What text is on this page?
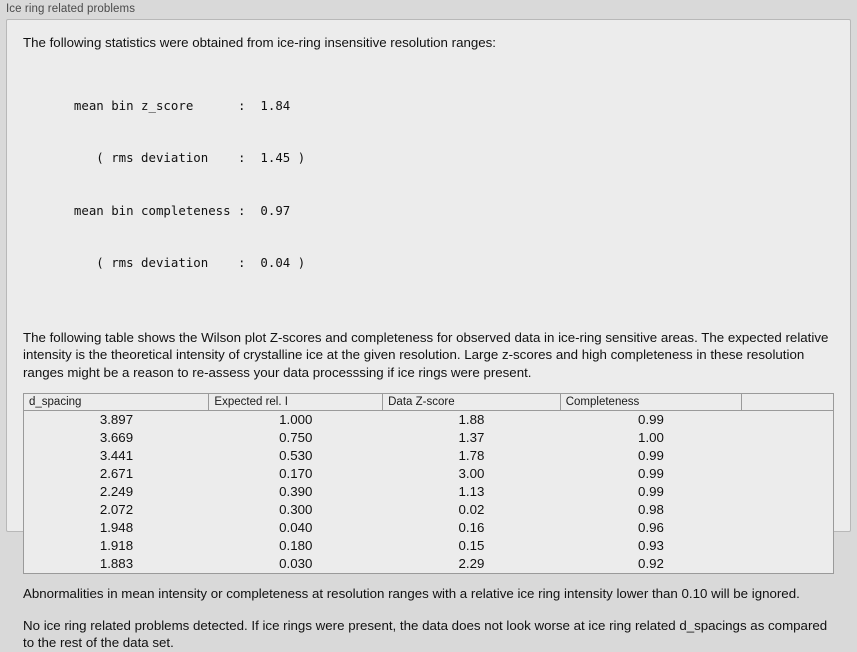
Ice ring related problems

The following statistics were obtained from ice-ring insensitive resolution ranges:

mean bin z_score      :  1.84

( rms deviation    :  1.45 )

mean bin completeness :  0.97

( rms deviation    :  0.04 )

The following table shows the Wilson plot Z-scores and completeness for observed data in ice-ring sensitive areas. The expected relative intensity is the theoretical intensity of crystalline ice at the given resolution. Large z-scores and high completeness in these resolution ranges might be a reason to re-assess your data processsing if ice rings were present.

d_spacing	Expected rel. I	Data Z-score	Completeness	
3.897	1.000	1.88	0.99	
3.669	0.750	1.37	1.00	
3.441	0.530	1.78	0.99	
2.671	0.170	3.00	0.99	
2.249	0.390	1.13	0.99	
2.072	0.300	0.02	0.98	
1.948	0.040	0.16	0.96	
1.918	0.180	0.15	0.93	
1.883	0.030	2.29	0.92	

Abnormalities in mean intensity or completeness at resolution ranges with a relative ice ring intensity lower than 0.10 will be ignored.

No ice ring related problems detected. If ice rings were present, the data does not look worse at ice ring related d_spacings as compared to the rest of the data set.
